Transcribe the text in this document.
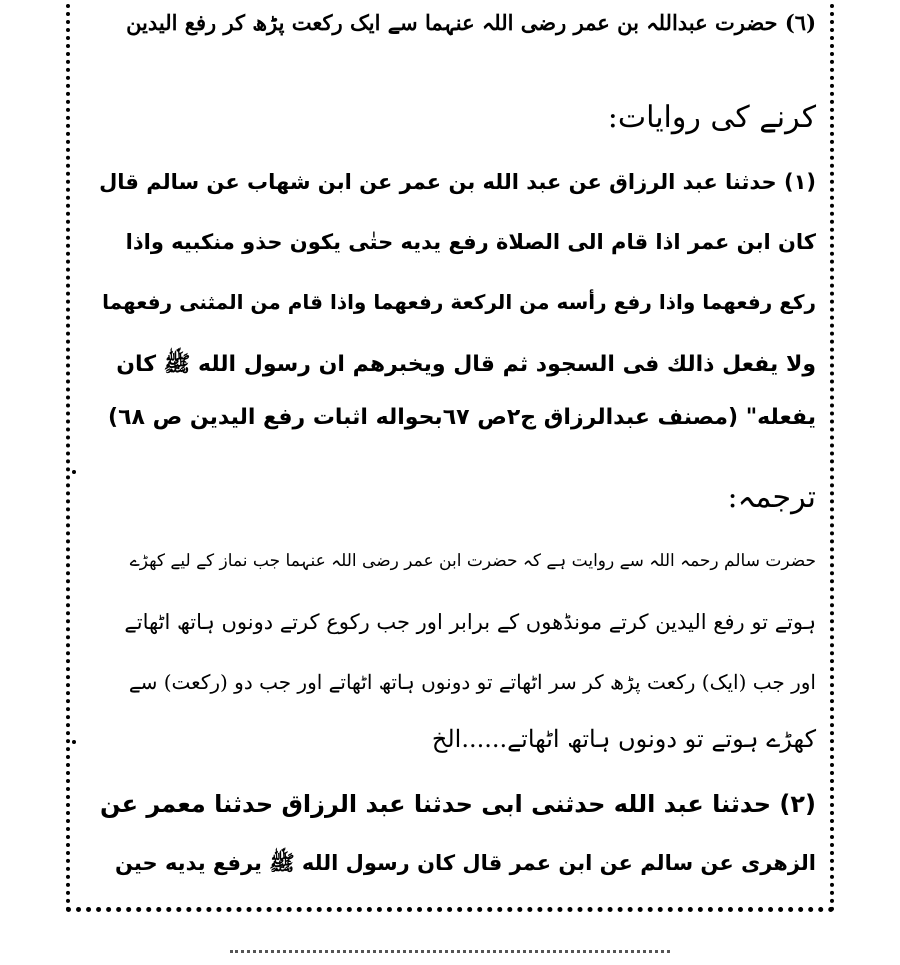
(٦) حضرت عبداللہ بن عمر رضی اللہ عنہما سے ایک رکعت پڑھ کر رفع الیدین

کرنے کی روایات:

(١) حدثنا عبد الرزاق عن عبد الله بن عمر عن ابن شهاب عن سالم قال

كان ابن عمر اذا قام الى الصلاة رفع يديه حتٰى يكون حذو منكبيه واذا

ركع رفعهما واذا رفع رأسه من الركعة رفعهما واذا قام من المثنى رفعهما

ولا يفعل ذالك فى السجود ثم قال ويخبرهم ان رسول الله ﷺ كان

يفعله" (مصنف عبدالرزاق ج٢ص ٦٧بحواله اثبات رفع اليدين ص ٦٨)

ترجمہ:

حضرت سالم رحمہ اللہ سے روایت ہے کہ حضرت ابن عمر رضی اللہ عنہما جب نماز کے لیے کھڑے

ہوتے تو رفع الیدین کرتے مونڈھوں کے برابر اور جب رکوع کرتے دونوں ہاتھ اٹھاتے

اور جب (ایک) رکعت پڑھ کر سر اٹھاتے تو دونوں ہاتھ اٹھاتے اور جب دو (رکعت) سے

کھڑے ہوتے تو دونوں ہاتھ اٹھاتے......الخ

(٢) حدثنا عبد الله حدثنى ابى حدثنا عبد الرزاق حدثنا معمر عن

الزهرى عن سالم عن ابن عمر قال كان رسول الله ﷺ يرفع يديه حين
